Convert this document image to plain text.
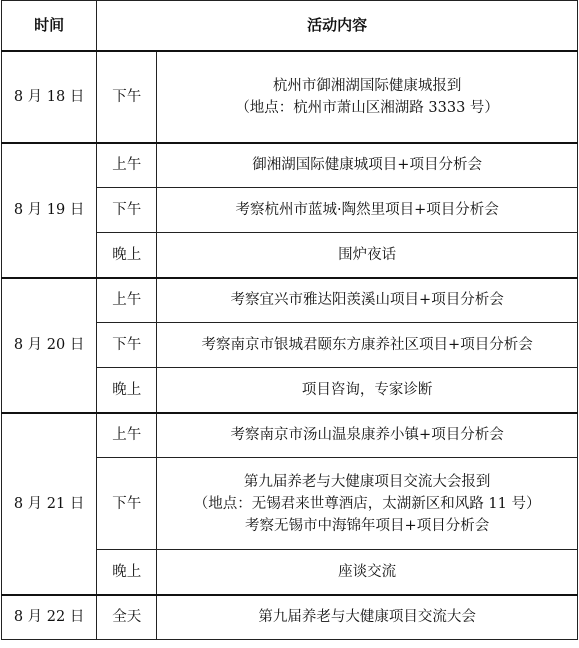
时间	活动内容	
8 月 18 日	下午	杭州市御湘湖国际健康城报到
（地点：杭州市萧山区湘湖路 3333 号）

8 月 19 日	上午	御湘湖国际健康城项目+项目分析会

	下午	考察杭州市蓝城·陶然里项目+项目分析会

	晚上	围炉夜话

8 月 20 日	上午	考察宜兴市雅达阳羡溪山项目+项目分析会

	下午	考察南京市银城君颐东方康养社区项目+项目分析会

	晚上	项目咨询，专家诊断

8 月 21 日	上午	考察南京市汤山温泉康养小镇+项目分析会

	下午	第九届养老与大健康项目交流大会报到
（地点：无锡君来世尊酒店，太湖新区和风路 11 号）
考察无锡市中海锦年项目+项目分析会

	晚上	座谈交流

8 月 22 日	全天	第九届养老与大健康项目交流大会
